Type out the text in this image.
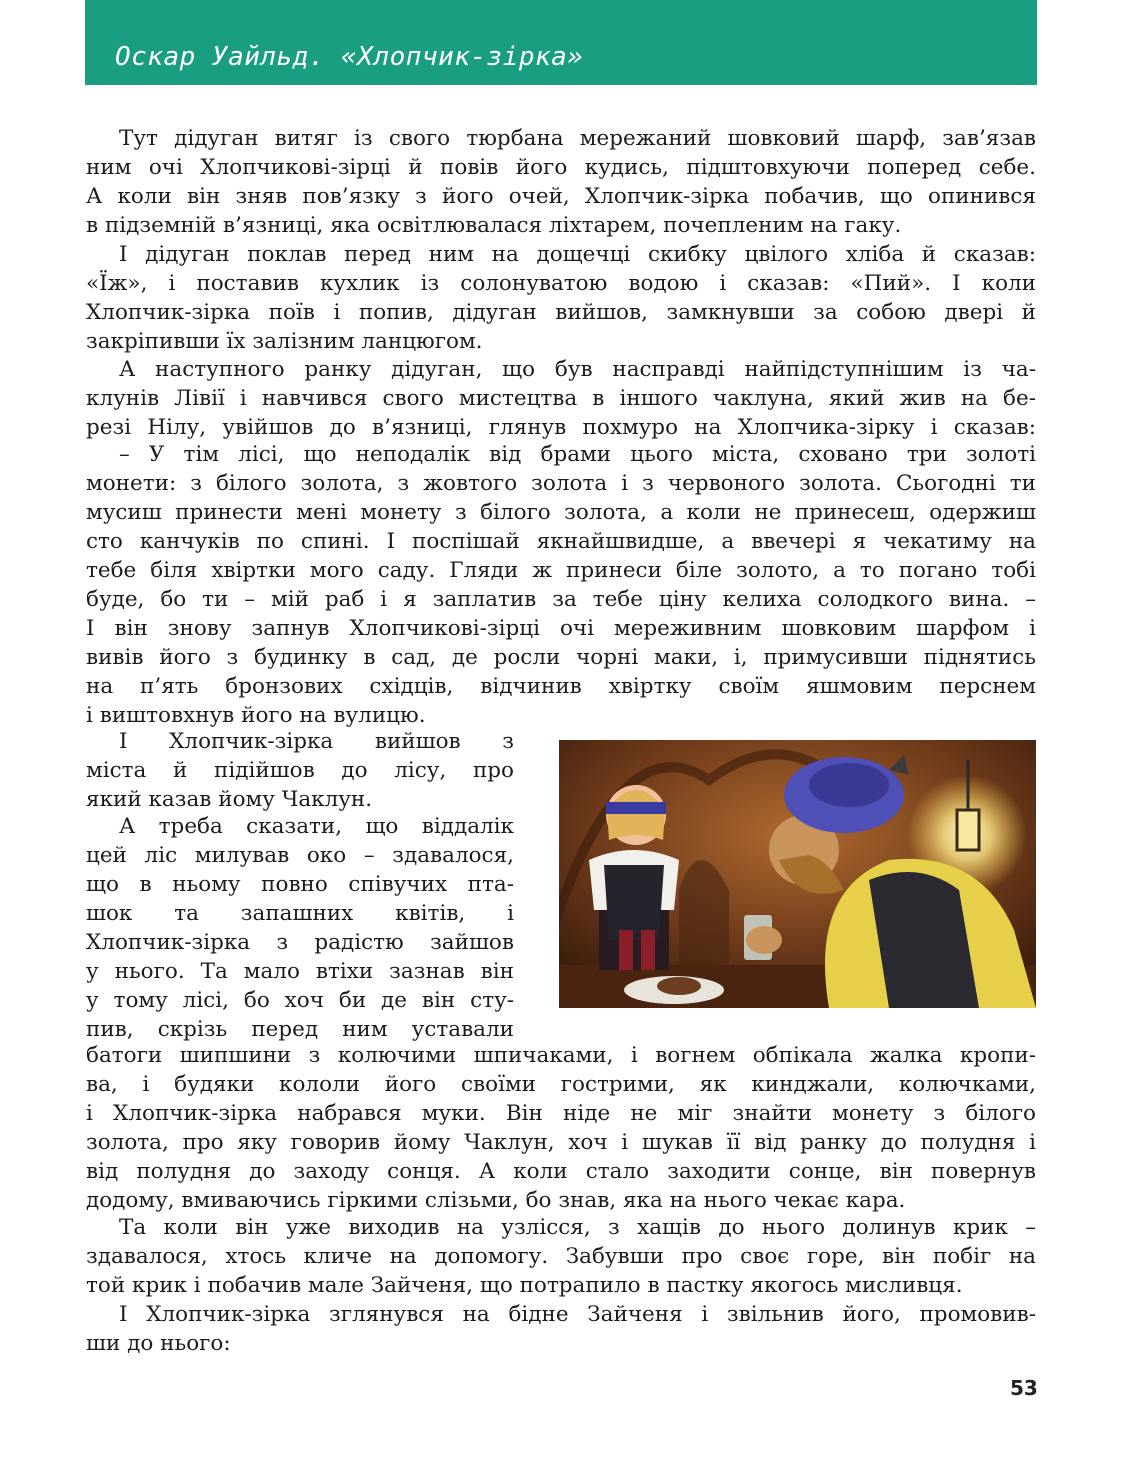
Оскар Уайльд. «Хлопчик-зірка»
Тут дідуган витяг із свого тюрбана мережаний шовковий шарф, зав’язав
ним очі Хлопчикові-зірці й повів його кудись, підштовхуючи поперед себе.
А коли він зняв пов’язку з його очей, Хлопчик-зірка побачив, що опинився
в підземній в’язниці, яка освітлювалася ліхтарем, почепленим на гаку.
І дідуган поклав перед ним на дощечці скибку цвілого хліба й сказав:
«Їж», і поставив кухлик із солонуватою водою і сказав: «Пий». І коли
Хлопчик-зірка поїв і попив, дідуган вийшов, замкнувши за собою двері й
закріпивши їх залізним ланцюгом.
А наступного ранку дідуган, що був насправді найпідступнішим із ча-
клунів Лівії і навчився свого мистецтва в іншого чаклуна, який жив на бе-
резі Нілу, увійшов до в’язниці, глянув похмуро на Хлопчика-зірку і сказав:
– У тім лісі, що неподалік від брами цього міста, сховано три золоті
монети: з білого золота, з жовтого золота і з червоного золота. Сьогодні ти
мусиш принести мені монету з білого золота, а коли не принесеш, одержиш
сто канчуків по спині. І поспішай якнайшвидше, а ввечері я чекатиму на
тебе біля хвіртки мого саду. Гляди ж принеси біле золото, а то погано тобі
буде, бо ти – мій раб і я заплатив за тебе ціну келиха солодкого вина. –
І він знову запнув Хлопчикові-зірці очі мереживним шовковим шарфом і
вивів його з будинку в сад, де росли чорні маки, і, примусивши піднятись
на п’ять бронзових східців, відчинив хвіртку своїм яшмовим перснем
і виштовхнув його на вулицю.
І Хлопчик-зірка вийшов з
міста й підійшов до лісу, про
який казав йому Чаклун.
А треба сказати, що віддалік
цей ліс милував око – здавалося,
що в ньому повно співучих пта-
шок та запашних квітів, і
Хлопчик-зірка з радістю зайшов
у нього. Та мало втіхи зазнав він
у тому лісі, бо хоч би де він сту-
пив, скрізь перед ним уставали
батоги шипшини з колючими шпичаками, і вогнем обпікала жалка кропи-
ва, і будяки кололи його своїми гострими, як кинджали, колючками,
і Хлопчик-зірка набрався муки. Він ніде не міг знайти монету з білого
золота, про яку говорив йому Чаклун, хоч і шукав її від ранку до полудня і
від полудня до заходу сонця. А коли стало заходити сонце, він повернув
додому, вмиваючись гіркими слізьми, бо знав, яка на нього чекає кара.
Та коли він уже виходив на узлісся, з хащів до нього долинув крик –
здавалося, хтось кличе на допомогу. Забувши про своє горе, він побіг на
той крик і побачив мале Зайченя, що потрапило в пастку якогось мисливця.
І Хлопчик-зірка зглянувся на бідне Зайченя і звільнив його, промовив-
ши до нього:
53
